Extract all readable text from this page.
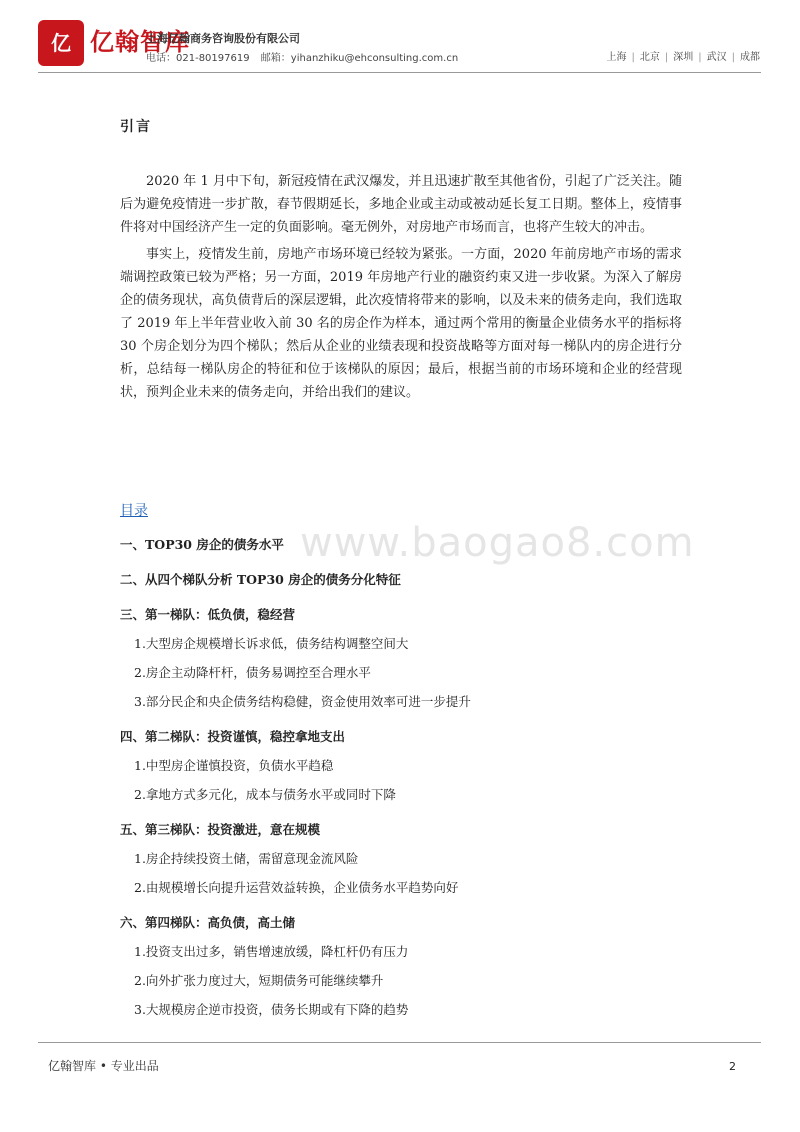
亿 亿翰智库
上海亿翰商务咨询股份有限公司
电话：021-80197619 邮箱：yihanzhiku@ehconsulting.com.cn	上海 | 北京 | 深圳 | 武汉 | 成都
www.baogao8.com
引言

2020 年 1 月中下旬，新冠疫情在武汉爆发，并且迅速扩散至其他省份，引起了广泛关注。随后为避免疫情进一步扩散，春节假期延长，多地企业或主动或被动延长复工日期。整体上，疫情事件将对中国经济产生一定的负面影响。毫无例外，对房地产市场而言，也将产生较大的冲击。

事实上，疫情发生前，房地产市场环境已经较为紧张。一方面，2020 年前房地产市场的需求端调控政策已较为严格；另一方面，2019 年房地产行业的融资约束又进一步收紧。为深入了解房企的债务现状，高负债背后的深层逻辑，此次疫情将带来的影响，以及未来的债务走向，我们选取了 2019 年上半年营业收入前 30 名的房企作为样本，通过两个常用的衡量企业债务水平的指标将 30 个房企划分为四个梯队；然后从企业的业绩表现和投资战略等方面对每一梯队内的房企进行分析，总结每一梯队房企的特征和位于该梯队的原因；最后，根据当前的市场环境和企业的经营现状，预判企业未来的债务走向，并给出我们的建议。

目录
一、TOP30 房企的债务水平
二、从四个梯队分析 TOP30 房企的债务分化特征
三、第一梯队：低负债，稳经营
1.大型房企规模增长诉求低，债务结构调整空间大
2.房企主动降杆杆，债务易调控至合理水平
3.部分民企和央企债务结构稳健，资金使用效率可进一步提升
四、第二梯队：投资谨慎，稳控拿地支出
1.中型房企谨慎投资，负债水平趋稳
2.拿地方式多元化，成本与债务水平或同时下降
五、第三梯队：投资激进，意在规模
1.房企持续投资土储，需留意现金流风险
2.由规模增长向提升运营效益转换，企业债务水平趋势向好
六、第四梯队：高负债，高土储
1.投资支出过多，销售增速放缓，降杠杆仍有压力
2.向外扩张力度过大，短期债务可能继续攀升
3.大规模房企逆市投资，债务长期或有下降的趋势
亿翰智库 • 专业出品	2
